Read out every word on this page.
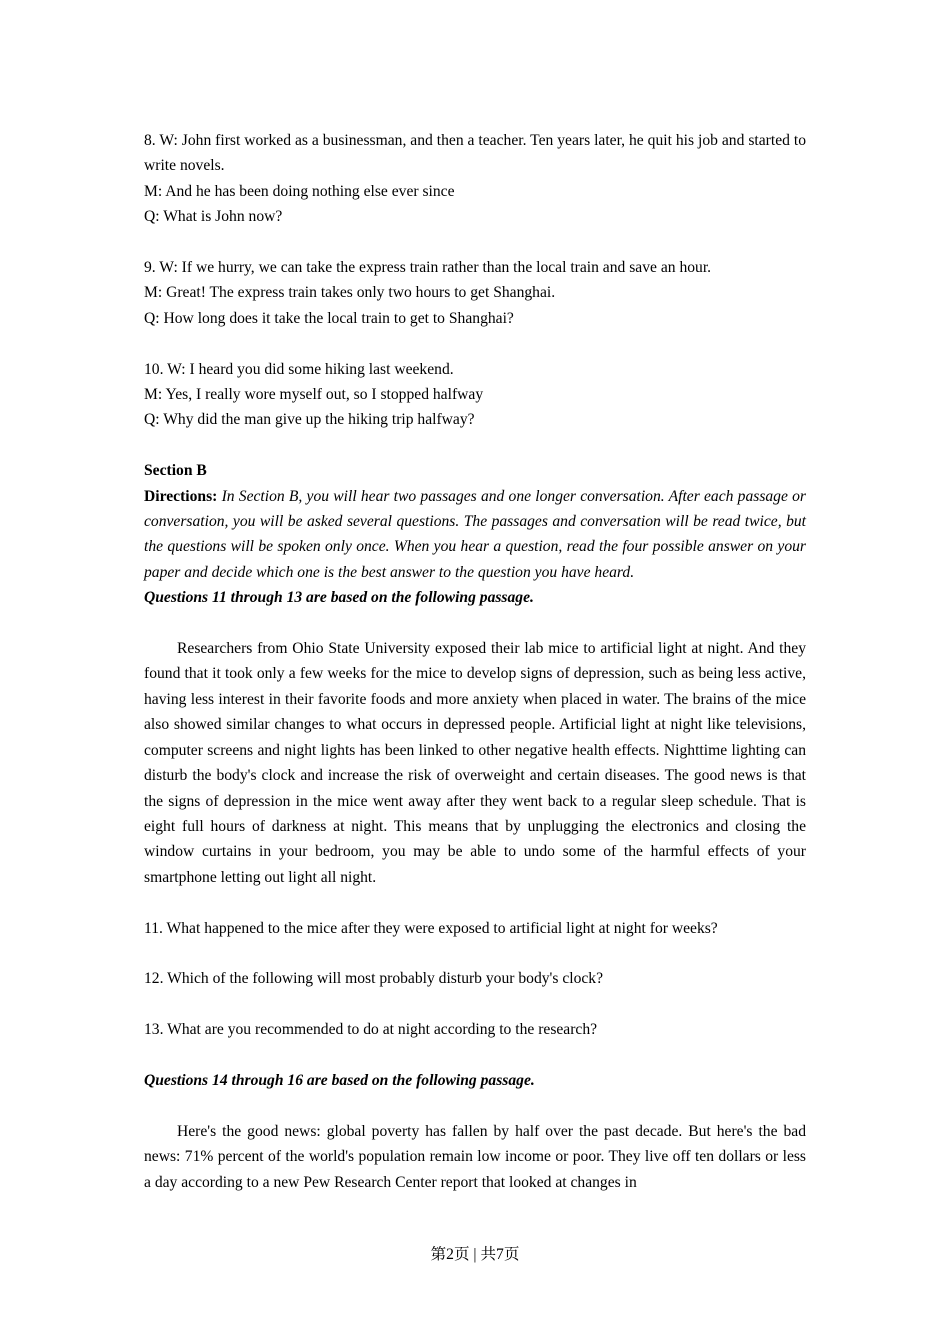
8. W: John first worked as a businessman, and then a teacher. Ten years later, he quit his job and started to write novels.

M: And he has been doing nothing else ever since

Q: What is John now?

9. W: If we hurry, we can take the express train rather than the local train and save an hour.

M: Great! The express train takes only two hours to get Shanghai.

Q: How long does it take the local train to get to Shanghai?

10. W: I heard you did some hiking last weekend.

M: Yes, I really wore myself out, so I stopped halfway

Q: Why did the man give up the hiking trip halfway?

Section B

Directions: In Section B, you will hear two passages and one longer conversation. After each passage or conversation, you will be asked several questions. The passages and conversation will be read twice, but the questions will be spoken only once. When you hear a question, read the four possible answer on your paper and decide which one is the best answer to the question you have heard.

Questions 11 through 13 are based on the following passage.

Researchers from Ohio State University exposed their lab mice to artificial light at night. And they found that it took only a few weeks for the mice to develop signs of depression, such as being less active, having less interest in their favorite foods and more anxiety when placed in water. The brains of the mice also showed similar changes to what occurs in depressed people. Artificial light at night like televisions, computer screens and night lights has been linked to other negative health effects. Nighttime lighting can disturb the body's clock and increase the risk of overweight and certain diseases. The good news is that the signs of depression in the mice went away after they went back to a regular sleep schedule. That is eight full hours of darkness at night. This means that by unplugging the electronics and closing the window curtains in your bedroom, you may be able to undo some of the harmful effects of your smartphone letting out light all night.

11. What happened to the mice after they were exposed to artificial light at night for weeks?

12. Which of the following will most probably disturb your body's clock?

13. What are you recommended to do at night according to the research?

Questions 14 through 16 are based on the following passage.

Here's the good news: global poverty has fallen by half over the past decade. But here's the bad news: 71% percent of the world's population remain low income or poor. They live off ten dollars or less a day according to a new Pew Research Center report that looked at changes in

第2页 | 共7页
